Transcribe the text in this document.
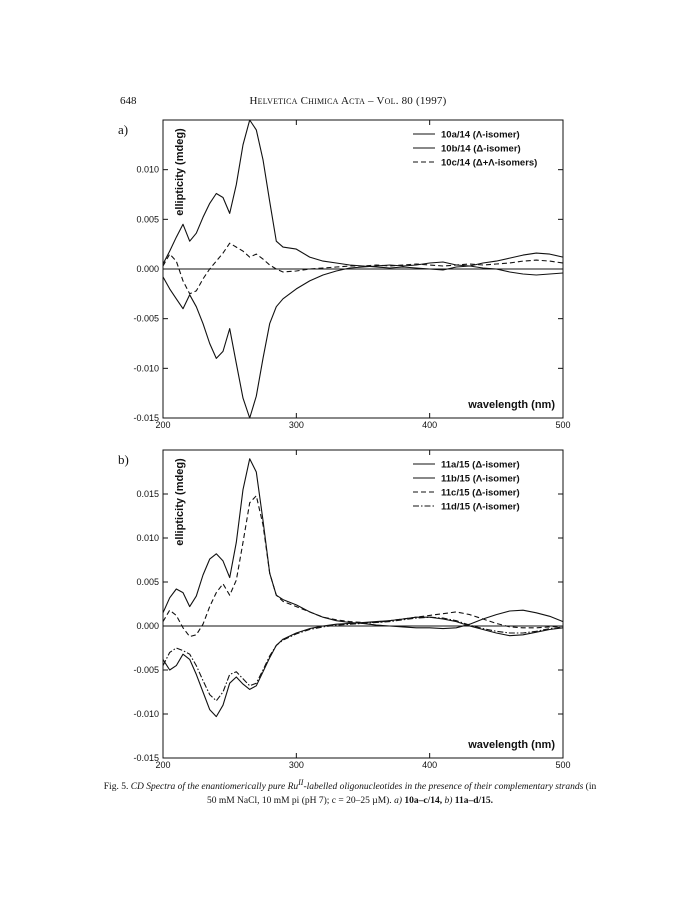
648	Helvetica Chimica Acta – Vol. 80 (1997)
a)
-0.015
-0.010
-0.005
0.000
0.005
0.010
200	300	400	500
ellipticity (mdeg)
wavelength (nm)
10a/14 (Λ-isomer)
10b/14 (Δ-isomer)
10c/14 (Δ+Λ-isomers)
b)
-0.015
-0.010
-0.005
0.000
0.005
0.010
0.015
200	300	400	500
ellipticity (mdeg)
wavelength (nm)
11a/15 (Δ-isomer)
11b/15 (Λ-isomer)
11c/15 (Δ-isomer)
11d/15 (Λ-isomer)
Fig. 5. CD Spectra of the enantiomerically pure $Ru^{II}$-labelled oligonucleotides in the presence of their complementary strands (in 50 mM NaCl, 10 mM pi (pH 7); c = 20–25 µM). a) 10a–c/14, b) 11a–d/15.
